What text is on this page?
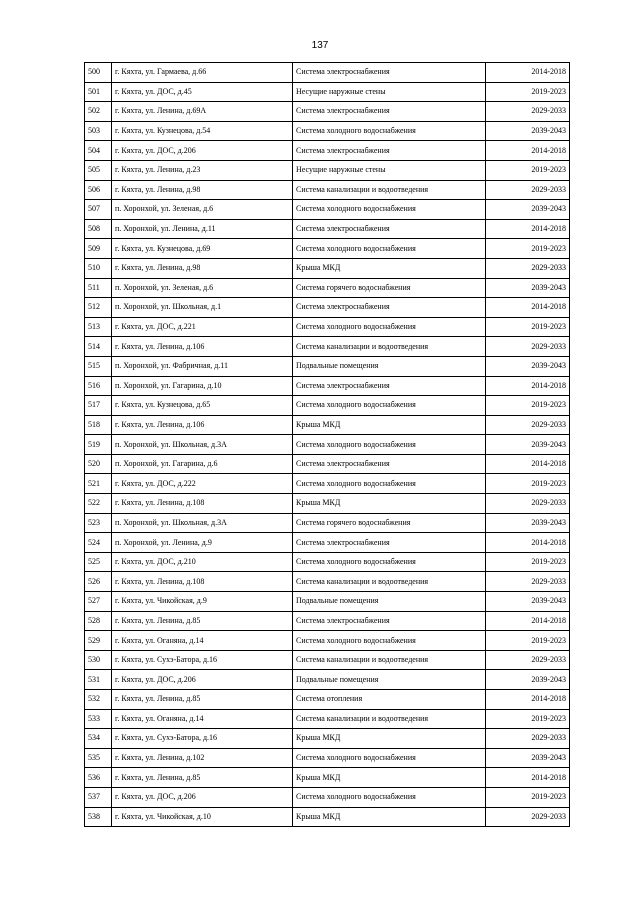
137
500	г. Кяхта, ул. Гармаева, д.66	Система электроснабжения	2014-2018
501	г. Кяхта, ул. ДОС, д.45	Несущие наружные стены	2019-2023
502	г. Кяхта, ул. Ленина, д.69А	Система электроснабжения	2029-2033
503	г. Кяхта, ул. Кузнецова, д.54	Система холодного водоснабжения	2039-2043
504	г. Кяхта, ул. ДОС, д.206	Система электроснабжения	2014-2018
505	г. Кяхта, ул. Ленина, д.23	Несущие наружные стены	2019-2023
506	г. Кяхта, ул. Ленина, д.98	Система канализации и водоотведения	2029-2033
507	п. Хоронхой, ул. Зеленая, д.6	Система холодного водоснабжения	2039-2043
508	п. Хоронхой, ул. Ленина, д.11	Система электроснабжения	2014-2018
509	г. Кяхта, ул. Кузнецова, д.69	Система холодного водоснабжения	2019-2023
510	г. Кяхта, ул. Ленина, д.98	Крыша МКД	2029-2033
511	п. Хоронхой, ул. Зеленая, д.6	Система горячего водоснабжения	2039-2043
512	п. Хоронхой, ул. Школьная, д.1	Система электроснабжения	2014-2018
513	г. Кяхта, ул. ДОС, д.221	Система холодного водоснабжения	2019-2023
514	г. Кяхта, ул. Ленина, д.106	Система канализации и водоотведения	2029-2033
515	п. Хоронхой, ул. Фабричная, д.11	Подвальные помещения	2039-2043
516	п. Хоронхой, ул. Гагарина, д.10	Система электроснабжения	2014-2018
517	г. Кяхта, ул. Кузнецова, д.65	Система холодного водоснабжения	2019-2023
518	г. Кяхта, ул. Ленина, д.106	Крыша МКД	2029-2033
519	п. Хоронхой, ул. Школьная, д.3А	Система холодного водоснабжения	2039-2043
520	п. Хоронхой, ул. Гагарина, д.6	Система электроснабжения	2014-2018
521	г. Кяхта, ул. ДОС, д.222	Система холодного водоснабжения	2019-2023
522	г. Кяхта, ул. Ленина, д.108	Крыша МКД	2029-2033
523	п. Хоронхой, ул. Школьная, д.3А	Система горячего водоснабжения	2039-2043
524	п. Хоронхой, ул. Ленина, д.9	Система электроснабжения	2014-2018
525	г. Кяхта, ул. ДОС, д.210	Система холодного водоснабжения	2019-2023
526	г. Кяхта, ул. Ленина, д.108	Система канализации и водоотведения	2029-2033
527	г. Кяхта, ул. Чикойская, д.9	Подвальные помещения	2039-2043
528	г. Кяхта, ул. Ленина, д.85	Система электроснабжения	2014-2018
529	г. Кяхта, ул. Оганяна, д.14	Система холодного водоснабжения	2019-2023
530	г. Кяхта, ул. Сухэ-Батора, д.16	Система канализации и водоотведения	2029-2033
531	г. Кяхта, ул. ДОС, д.206	Подвальные помещения	2039-2043
532	г. Кяхта, ул. Ленина, д.85	Система отопления	2014-2018
533	г. Кяхта, ул. Оганяна, д.14	Система канализации и водоотведения	2019-2023
534	г. Кяхта, ул. Сухэ-Батора, д.16	Крыша МКД	2029-2033
535	г. Кяхта, ул. Ленина, д.102	Система холодного водоснабжения	2039-2043
536	г. Кяхта, ул. Ленина, д.85	Крыша МКД	2014-2018
537	г. Кяхта, ул. ДОС, д.206	Система холодного водоснабжения	2019-2023
538	г. Кяхта, ул. Чикойская, д.10	Крыша МКД	2029-2033
